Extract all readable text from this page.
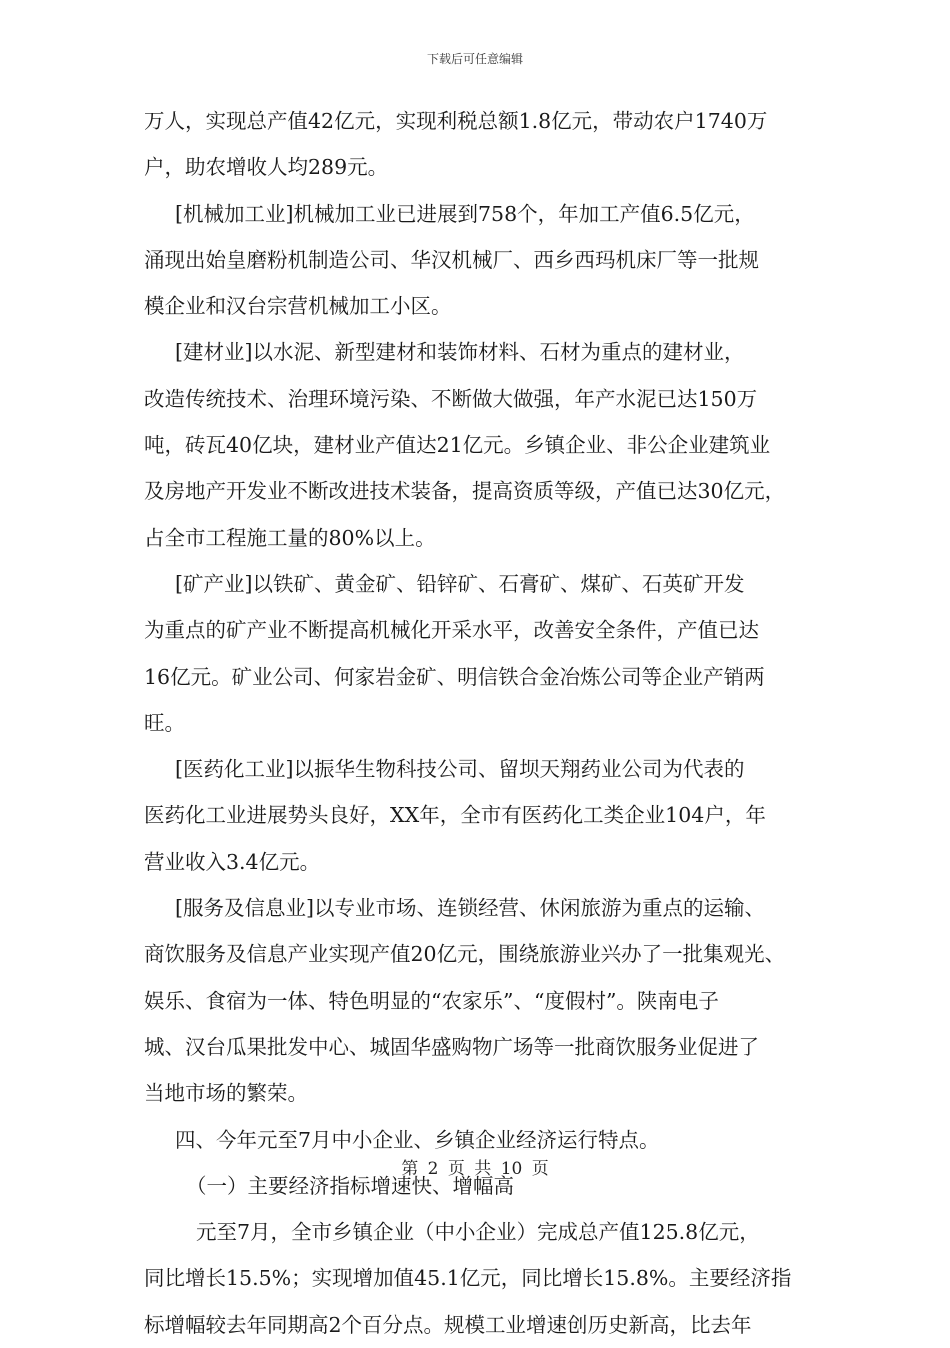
下载后可任意编辑
万人，实现总产值42亿元，实现利税总额1.8亿元，带动农户1740万
户，助农增收人均289元。
[机械加工业]机械加工业已进展到758个，年加工产值6.5亿元，
涌现出始皇磨粉机制造公司、华汉机械厂、西乡西玛机床厂等一批规
模企业和汉台宗营机械加工小区。
[建材业]以水泥、新型建材和装饰材料、石材为重点的建材业，
改造传统技术、治理环境污染、不断做大做强，年产水泥已达150万
吨，砖瓦40亿块，建材业产值达21亿元。乡镇企业、非公企业建筑业
及房地产开发业不断改进技术装备，提高资质等级，产值已达30亿元，
占全市工程施工量的80%以上。
[矿产业]以铁矿、黄金矿、铅锌矿、石膏矿、煤矿、石英矿开发
为重点的矿产业不断提高机械化开采水平，改善安全条件，产值已达
16亿元。矿业公司、何家岩金矿、明信铁合金冶炼公司等企业产销两
旺。
[医药化工业]以振华生物科技公司、留坝天翔药业公司为代表的
医药化工业进展势头良好，XX年，全市有医药化工类企业104户，年
营业收入3.4亿元。
[服务及信息业]以专业市场、连锁经营、休闲旅游为重点的运输、
商饮服务及信息产业实现产值20亿元，围绕旅游业兴办了一批集观光、
娱乐、食宿为一体、特色明显的“农家乐”、“度假村”。陕南电子
城、汉台瓜果批发中心、城固华盛购物广场等一批商饮服务业促进了
当地市场的繁荣。
四、今年元至7月中小企业、乡镇企业经济运行特点。
（一）主要经济指标增速快、增幅高
元至7月，全市乡镇企业（中小企业）完成总产值125.8亿元，
同比增长15.5%；实现增加值45.1亿元，同比增长15.8%。主要经济指
标增幅较去年同期高2个百分点。规模工业增速创历史新高，比去年
第 2 页 共 10 页
